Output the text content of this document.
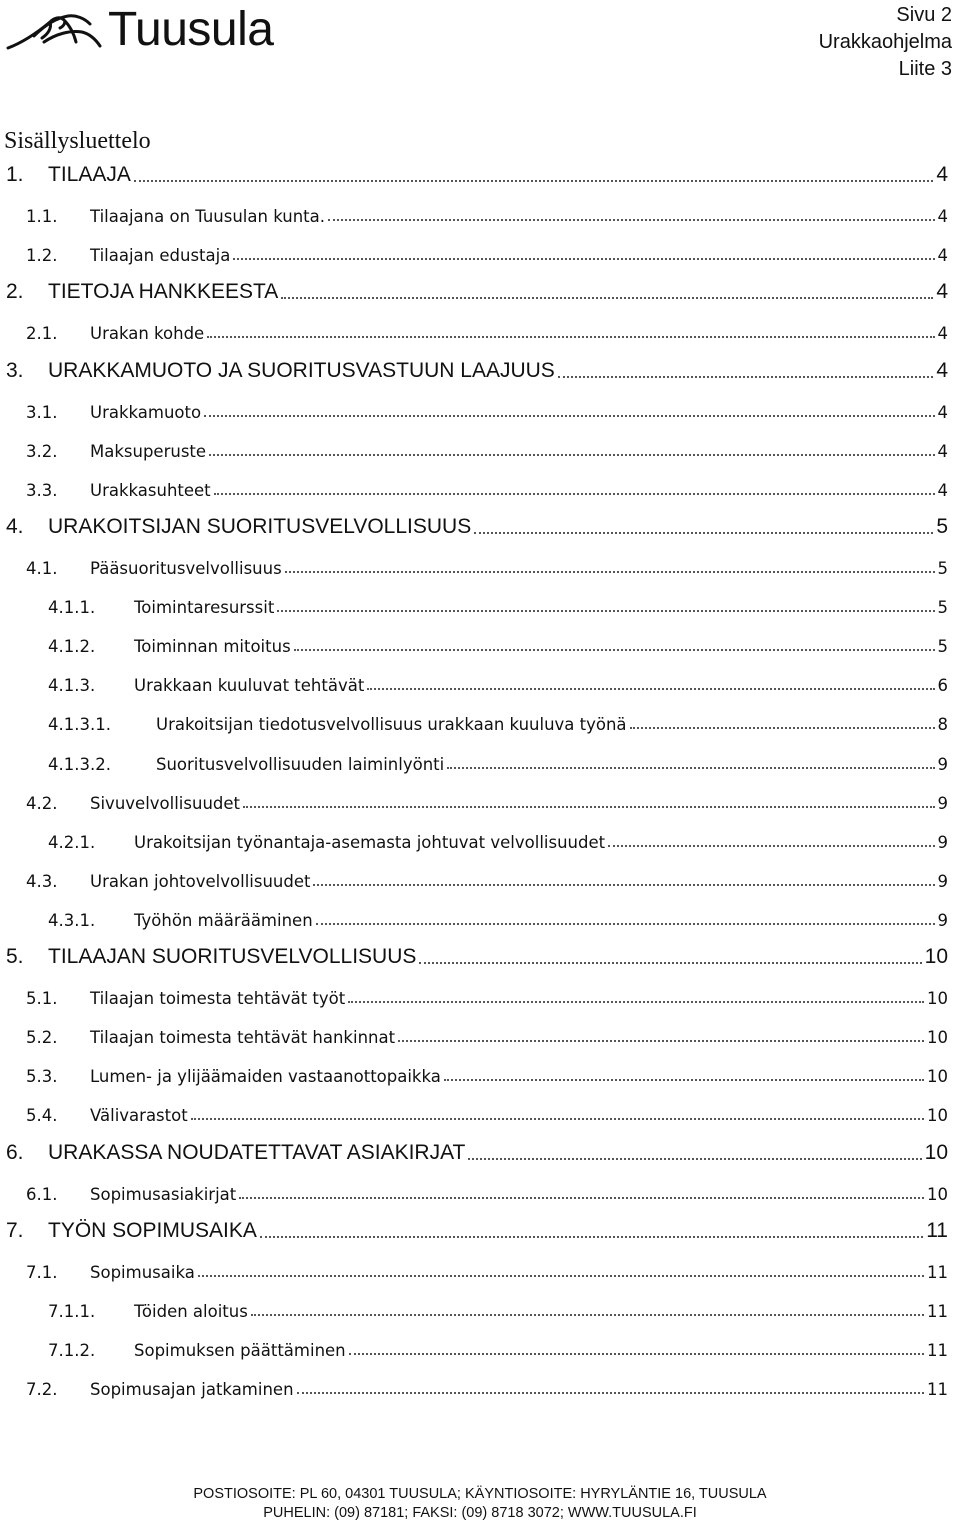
Tuusula	Sivu 2
Urakkaohjelma
Liite 3
Sisällysluettelo
1. TILAAJA	4
1.1. Tilaajana on Tuusulan kunta.	4
1.2. Tilaajan edustaja	4
2. TIETOJA HANKKEESTA	4
2.1. Urakan kohde	4
3. URAKKAMUOTO JA SUORITUSVASTUUN LAAJUUS	4
3.1. Urakkamuoto	4
3.2. Maksuperuste	4
3.3. Urakkasuhteet	4
4. URAKOITSIJAN SUORITUSVELVOLLISUUS	5
4.1. Pääsuoritusvelvollisuus	5
4.1.1. Toimintaresurssit	5
4.1.2. Toiminnan mitoitus	5
4.1.3. Urakkaan kuuluvat tehtävät	6
4.1.3.1.	Urakoitsijan tiedotusvelvollisuus urakkaan kuuluva työnä	8
4.1.3.2.	Suoritusvelvollisuuden laiminlyönti	9
4.2. Sivuvelvollisuudet	9
4.2.1. Urakoitsijan työnantaja-asemasta johtuvat velvollisuudet	9
4.3. Urakan johtovelvollisuudet	9
4.3.1. Työhön määrääminen	9
5. TILAAJAN SUORITUSVELVOLLISUUS	10
5.1. Tilaajan toimesta tehtävät työt	10
5.2. Tilaajan toimesta tehtävät hankinnat	10
5.3. Lumen- ja ylijäämaiden vastaanottopaikka	10
5.4. Välivarastot	10
6. URAKASSA NOUDATETTAVAT ASIAKIRJAT	10
6.1. Sopimusasiakirjat	10
7. TYÖN SOPIMUSAIKA	11
7.1. Sopimusaika	11
7.1.1. Töiden aloitus	11
7.1.2. Sopimuksen päättäminen	11
7.2. Sopimusajan jatkaminen	11
POSTIOSOITE: PL 60, 04301 TUUSULA; KÄYNTIOSOITE: HYRYLÄNTIE 16, TUUSULA
PUHELIN: (09) 87181; FAKSI: (09) 8718 3072; WWW.TUUSULA.FI
